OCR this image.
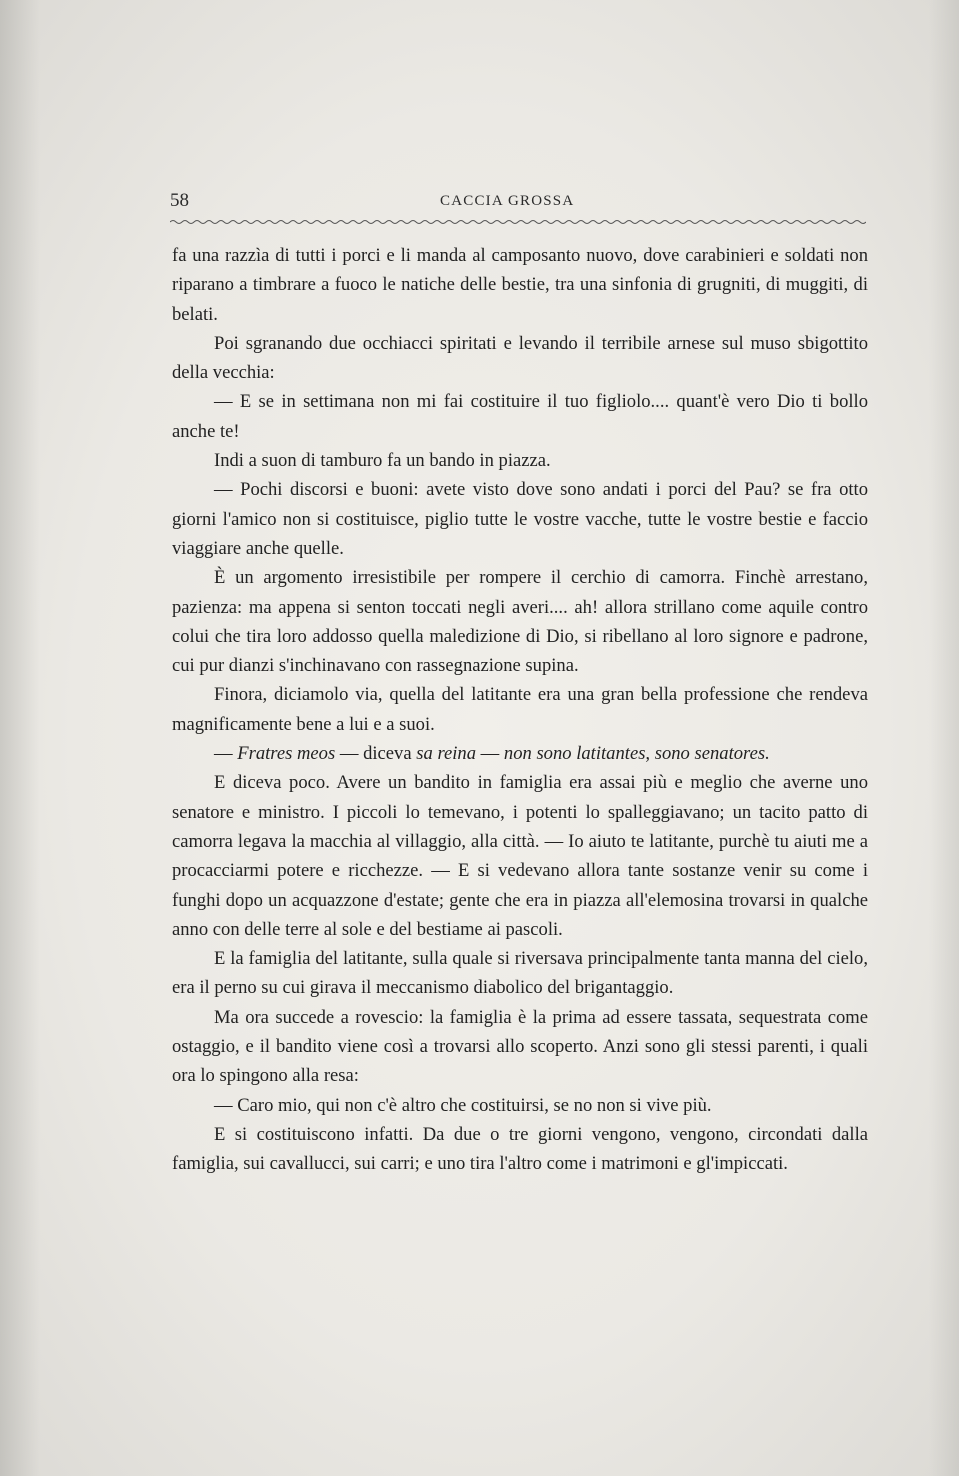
58	CACCIA GROSSA

fa una razzìa di tutti i porci e li manda al camposanto nuovo, dove carabinieri e soldati non riparano a timbrare a fuoco le natiche delle bestie, tra una sinfonia di grugniti, di muggiti, di belati.

Poi sgranando due occhiacci spiritati e levando il terribile arnese sul muso sbigottito della vecchia:

— E se in settimana non mi fai costituire il tuo figliolo.... quant'è vero Dio ti bollo anche te!

Indi a suon di tamburo fa un bando in piazza.

— Pochi discorsi e buoni: avete visto dove sono andati i porci del Pau? se fra otto giorni l'amico non si costituisce, piglio tutte le vostre vacche, tutte le vostre bestie e faccio viaggiare anche quelle.

È un argomento irresistibile per rompere il cerchio di camorra. Finchè arrestano, pazienza: ma appena si senton toccati negli averi.... ah! allora strillano come aquile contro colui che tira loro addosso quella maledizione di Dio, si ribellano al loro signore e padrone, cui pur dianzi s'inchinavano con rassegnazione supina.

Finora, diciamolo via, quella del latitante era una gran bella professione che rendeva magnificamente bene a lui e a suoi.

— Fratres meos — diceva sa reina — non sono latitantes, sono senatores.

E diceva poco. Avere un bandito in famiglia era assai più e meglio che averne uno senatore e ministro. I piccoli lo temevano, i potenti lo spalleggiavano; un tacito patto di camorra legava la macchia al villaggio, alla città. — Io aiuto te latitante, purchè tu aiuti me a procacciarmi potere e ricchezze. — E si vedevano allora tante sostanze venir su come i funghi dopo un acquazzone d'estate; gente che era in piazza all'elemosina trovarsi in qualche anno con delle terre al sole e del bestiame ai pascoli.

E la famiglia del latitante, sulla quale si riversava principalmente tanta manna del cielo, era il perno su cui girava il meccanismo diabolico del brigantaggio.

Ma ora succede a rovescio: la famiglia è la prima ad essere tassata, sequestrata come ostaggio, e il bandito viene così a trovarsi allo scoperto. Anzi sono gli stessi parenti, i quali ora lo spingono alla resa:

— Caro mio, qui non c'è altro che costituirsi, se no non si vive più.

E si costituiscono infatti. Da due o tre giorni vengono, vengono, circondati dalla famiglia, sui cavallucci, sui carri; e uno tira l'altro come i matrimoni e gl'impiccati.
